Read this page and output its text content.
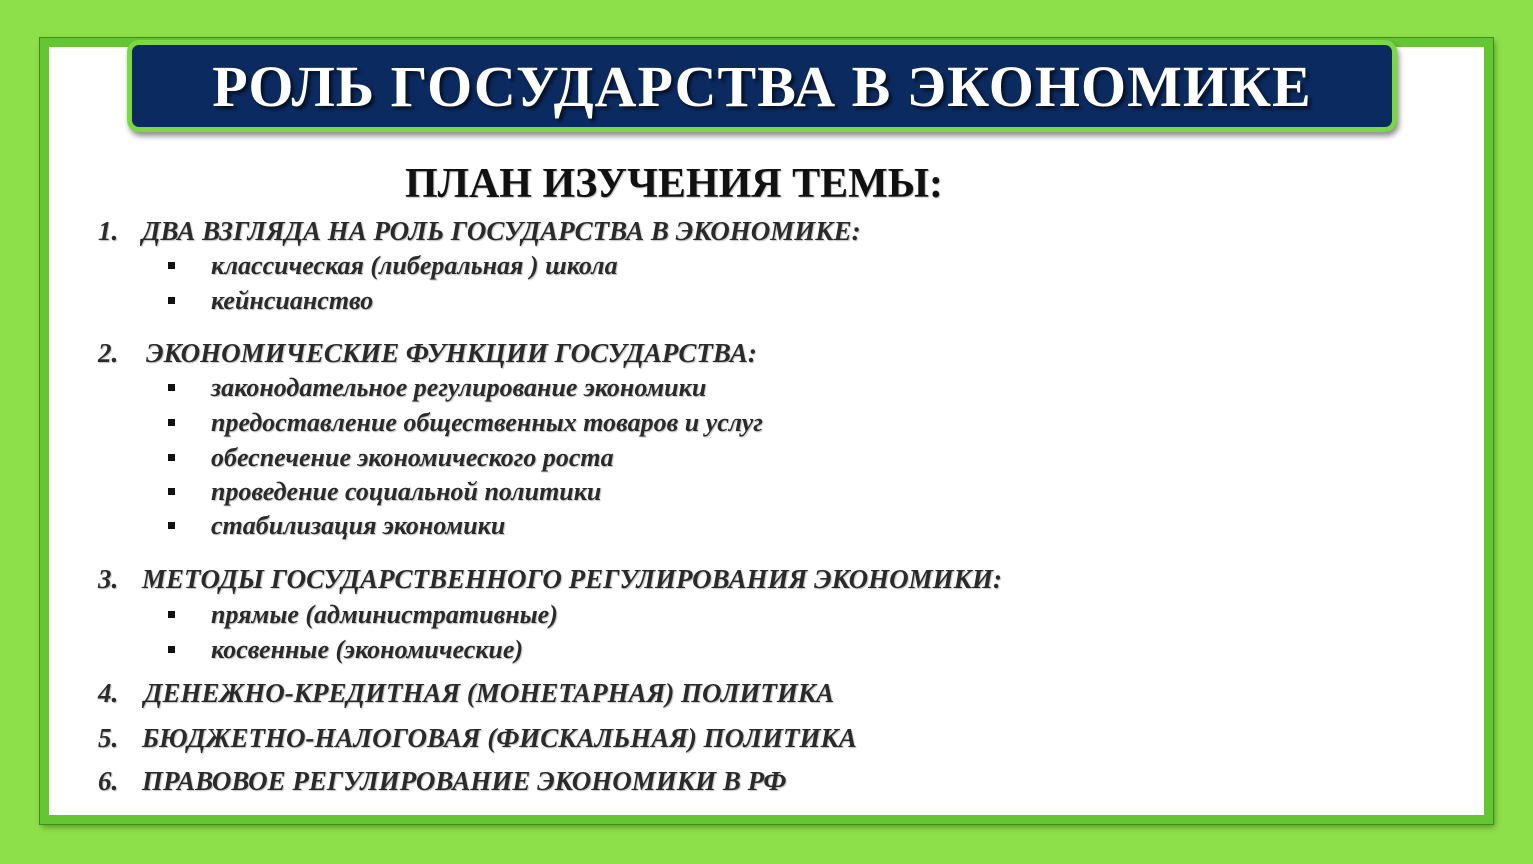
РОЛЬ ГОСУДАРСТВА В ЭКОНОМИКЕ
ПЛАН ИЗУЧЕНИЯ ТЕМЫ:
1. ДВА ВЗГЛЯДА НА РОЛЬ ГОСУДАРСТВА В ЭКОНОМИКЕ:
классическая (либеральная ) школа
кейнсианство
2. ЭКОНОМИЧЕСКИЕ ФУНКЦИИ ГОСУДАРСТВА:
законодательное регулирование экономики
предоставление общественных товаров и услуг
обеспечение экономического роста
проведение социальной политики
стабилизация экономики
3. МЕТОДЫ ГОСУДАРСТВЕННОГО РЕГУЛИРОВАНИЯ ЭКОНОМИКИ:
прямые (административные)
косвенные (экономические)
4. ДЕНЕЖНО-КРЕДИТНАЯ (МОНЕТАРНАЯ) ПОЛИТИКА
5. БЮДЖЕТНО-НАЛОГОВАЯ (ФИСКАЛЬНАЯ) ПОЛИТИКА
6. ПРАВОВОЕ РЕГУЛИРОВАНИЕ ЭКОНОМИКИ В РФ
